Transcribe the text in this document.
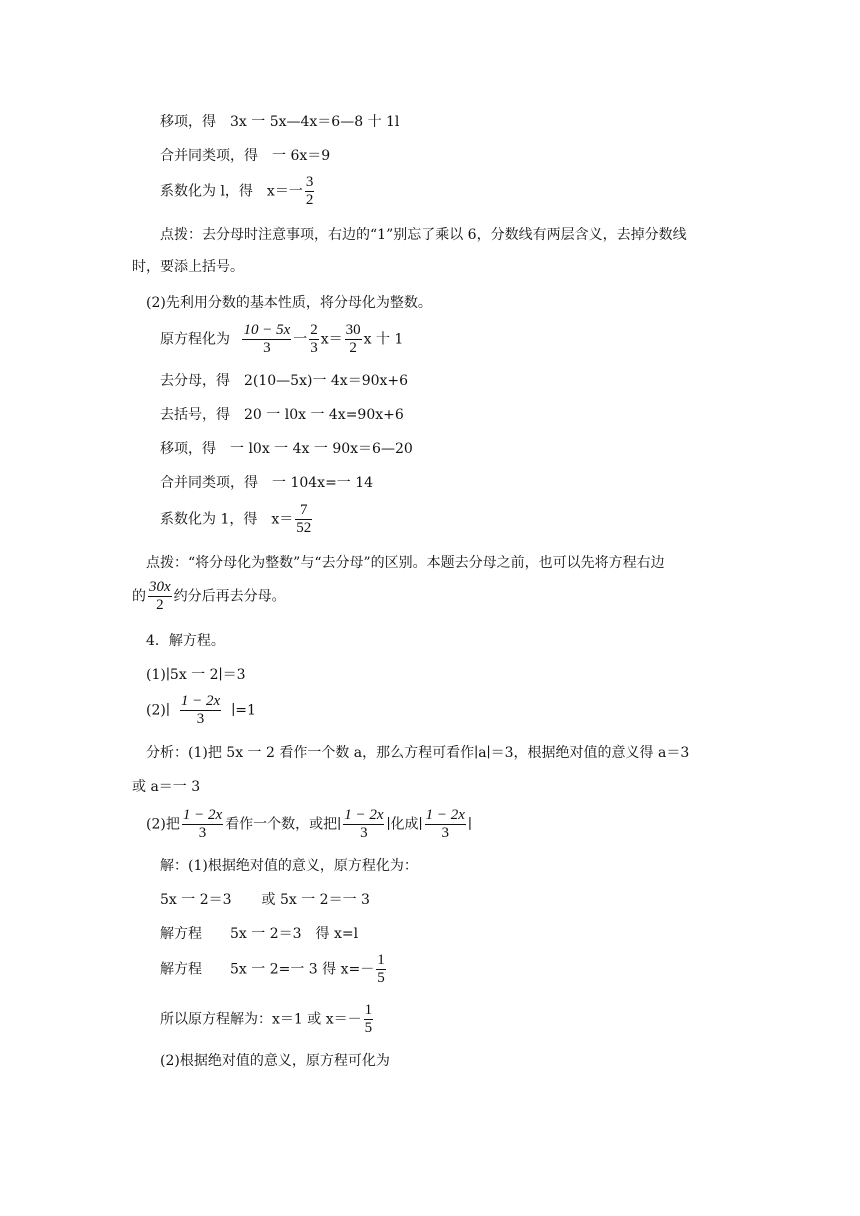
移项，得　3x 一 5x—4x＝6—8 十 1l
合并同类项，得　一 6x＝9
系数化为 l，得　x＝一 $\frac{3}{2}$
点拨：去分母时注意事项，右边的“1”别忘了乘以 6，分数线有两层含义，去掉分数线
时，要添上括号。
(2)先利用分数的基本性质，将分母化为整数。
原方程化为 $\frac{10 - 5x}{3}$ 一 $\frac{2}{3} x= \frac{30}{2}$ x 十 1
去分母，得　2(10—5x)一 4x＝90x+6
去括号，得　20 一 l0x 一 4x=90x+6
移项，得　一 l0x 一 4x 一 90x＝6—20
合并同类项，得　一 104x=一 14
系数化为 1，得　$x= \frac{7}{52}$
点拨：“将分母化为整数”与“去分母”的区别。本题去分母之前，也可以先将方程右边
的 $\frac{30x}{2}$ 约分后再去分母。
4．解方程。
(1)∣5x 一 2∣＝3
(2)∣ $\frac{1 - 2x}{3}$ ∣=1
分析：(1)把 5x 一 2 看作一个数 a，那么方程可看作∣a∣＝3，根据绝对值的意义得 a＝3
或 a＝一 3
(2)把 $\frac{1 - 2x}{3}$ 看作一个数，或把∣ $\frac{1 - 2x}{3}$ ∣化成∣ $\frac{1 - 2x}{3}$ ∣
解：(1)根据绝对值的意义，原方程化为：
5x 一 2＝3 或 5x 一 2＝一 3
解方程　　5x 一 2＝3　得 x=l
解方程　　5x 一 2=一 3 得 $x=- \frac{1}{5}$
所以原方程解为：x＝1 或 $x=- \frac{1}{5}$
(2)根据绝对值的意义，原方程可化为
